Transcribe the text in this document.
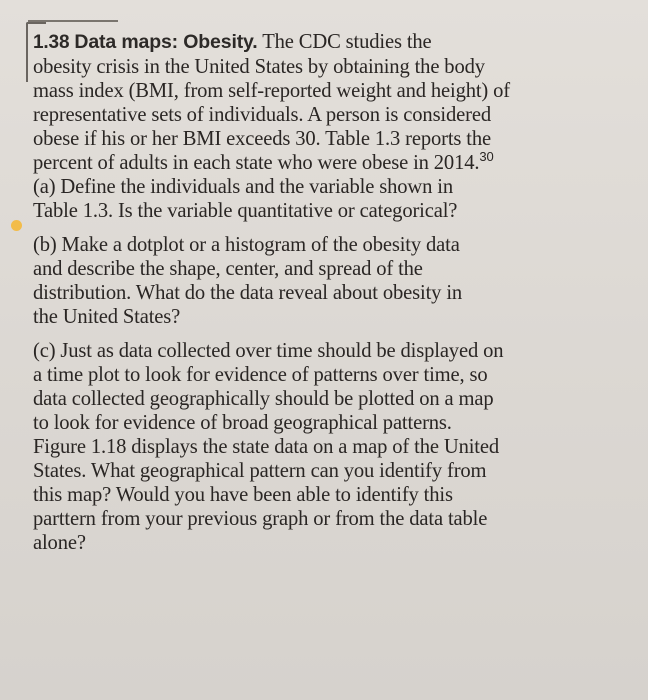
1.38 Data maps: Obesity. The CDC studies the
obesity crisis in the United States by obtaining the body
mass index (BMI, from self-reported weight and height) of
representative sets of individuals. A person is considered
obese if his or her BMI exceeds 30. Table 1.3 reports the
percent of adults in each state who were obese in 2014.30
(a) Define the individuals and the variable shown in
Table 1.3. Is the variable quantitative or categorical?
(b) Make a dotplot or a histogram of the obesity data
and describe the shape, center, and spread of the
distribution. What do the data reveal about obesity in
the United States?
(c) Just as data collected over time should be displayed on
a time plot to look for evidence of patterns over time, so
data collected geographically should be plotted on a map
to look for evidence of broad geographical patterns.
Figure 1.18 displays the state data on a map of the United
States. What geographical pattern can you identify from
this map? Would you have been able to identify this
parttern from your previous graph or from the data table
alone?
